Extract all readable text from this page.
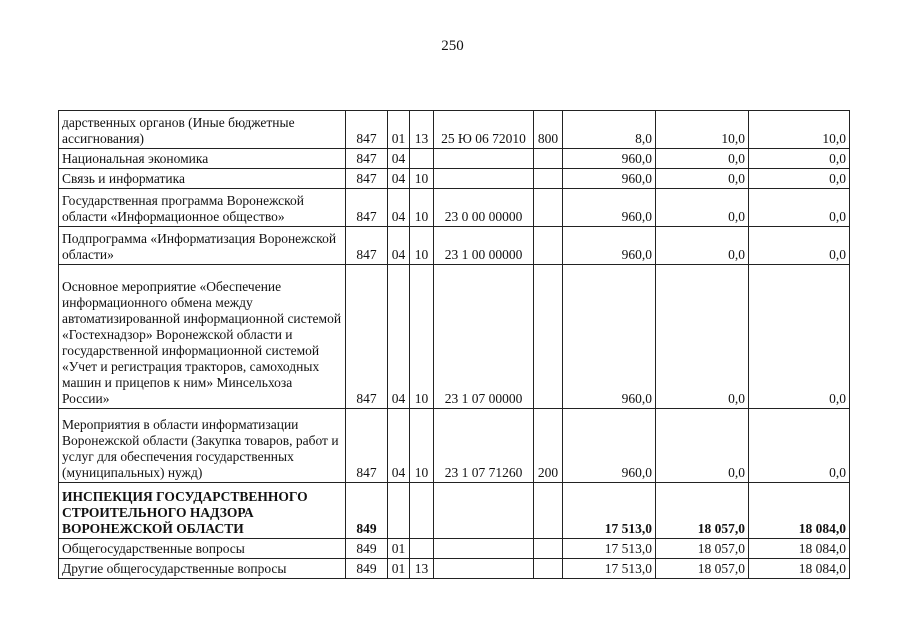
250
дарственных органов (Иные бюджетные ассигнования)	847	01	13	25 Ю 06 72010	800	8,0	10,0	10,0
Национальная экономика	847	04				960,0	0,0	0,0
Связь и информатика	847	04	10			960,0	0,0	0,0
Государственная программа Воронежской области «Информационное общество»	847	04	10	23 0 00 00000		960,0	0,0	0,0
Подпрограмма «Информатизация Воронежской области»	847	04	10	23 1 00 00000		960,0	0,0	0,0
Основное мероприятие «Обеспечение информационного обмена между автоматизированной информационной системой «Гостехнадзор» Воронежской области и государственной информационной системой «Учет и регистрация тракторов, самоходных машин и прицепов к ним» Минсельхоза России»	847	04	10	23 1 07 00000		960,0	0,0	0,0
Мероприятия в области информатизации Воронежской области (Закупка товаров, работ и услуг для обеспечения государственных (муниципальных) нужд)	847	04	10	23 1 07 71260	200	960,0	0,0	0,0
ИНСПЕКЦИЯ ГОСУДАРСТВЕННОГО СТРОИТЕЛЬНОГО НАДЗОРА ВОРОНЕЖСКОЙ ОБЛАСТИ	849					17 513,0	18 057,0	18 084,0
Общегосударственные вопросы	849	01				17 513,0	18 057,0	18 084,0
Другие общегосударственные вопросы	849	01	13			17 513,0	18 057,0	18 084,0
